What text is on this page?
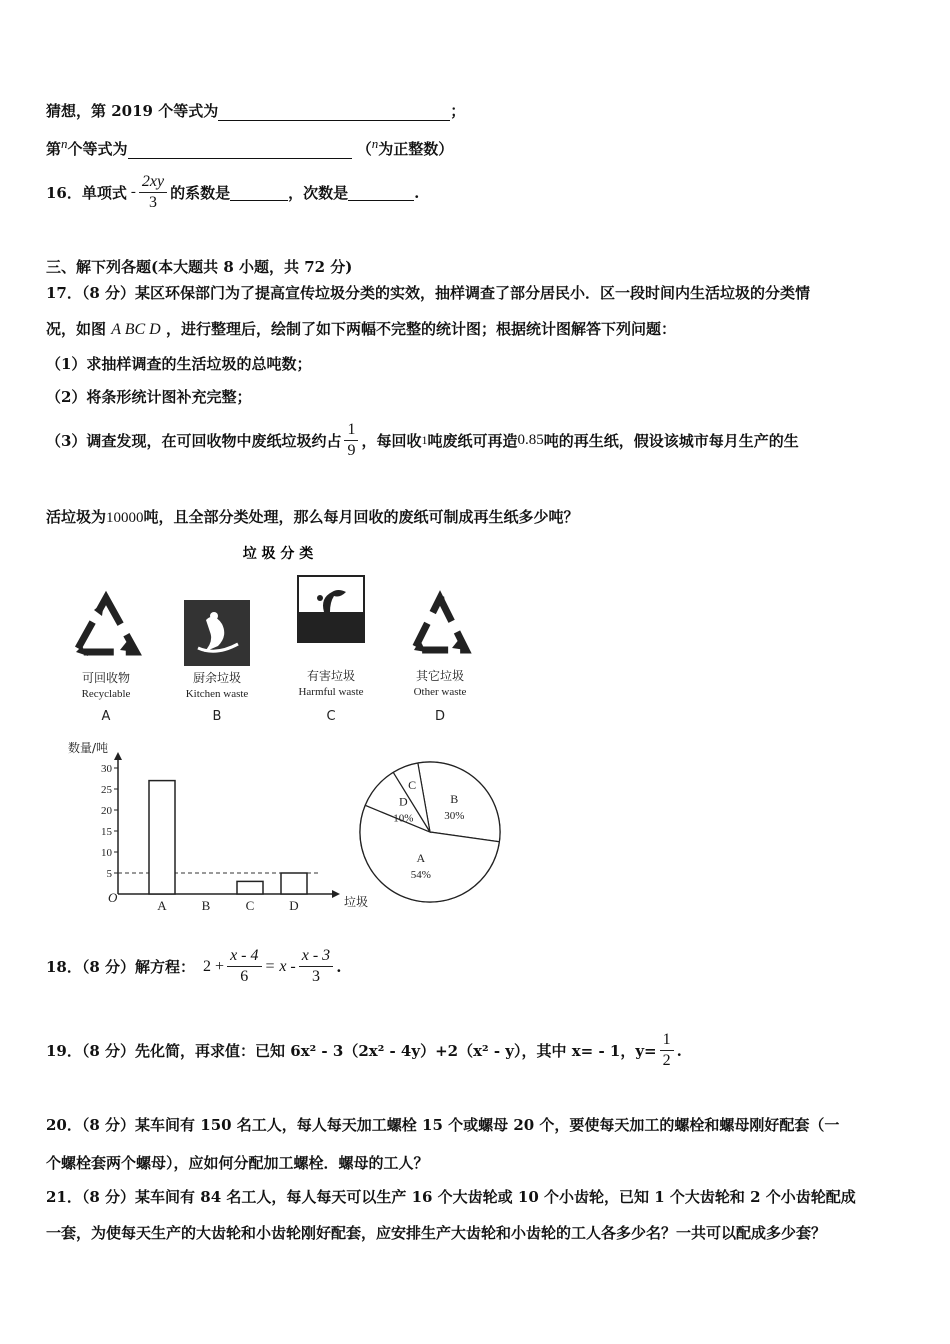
猜想，第 2019 个等式为	；
第n个等式为	（n为正整数）
16．单项式 - $\frac{2xy}{3}$ 的系数是	，次数是	.
三、解下列各题(本大题共 8 小题，共 72 分)
17．（8 分）某区环保部门为了提高宣传垃圾分类的实效，抽样调查了部分居民小．区一段时间内生活垃圾的分类情
况，如图 A BC D ，进行整理后，绘制了如下两幅不完整的统计图；根据统计图解答下列问题：
（1）求抽样调查的生活垃圾的总吨数；
（2）将条形统计图补充完整；
（3）调查发现，在可回收物中废纸垃圾约占 $\frac{1}{9}$ ，每回收 1 吨废纸可再造 0.85 吨的再生纸，假设该城市每月生产的生
活垃圾为10000吨，且全部分类处理，那么每月回收的废纸可制成再生纸多少吨？
垃 圾 分 类
可回收物
Recyclable
A
厨余垃圾
Kitchen waste
B
有害垃圾
Harmful waste
C
其它垃圾
Other waste
D
数量/吨
垃圾
O
5
10
15
20
25
30
A	B	C	D
B
30%
A
54%
D
10%
C
18．（8 分）解方程： $2 + \frac{x - 4}{6} = x - \frac{x - 3}{3}$ .
19．（8 分）先化简，再求值：已知 6x² - 3（2x² - 4y）+2（x² - y），其中 x= - 1，$y= \frac{1}{2}$ .
20．（8 分）某车间有 150 名工人，每人每天加工螺栓 15 个或螺母 20 个，要使每天加工的螺栓和螺母刚好配套（一
个螺栓套两个螺母），应如何分配加工螺栓．螺母的工人？
21．（8 分）某车间有 84 名工人，每人每天可以生产 16 个大齿轮或 10 个小齿轮，已知 1 个大齿轮和 2 个小齿轮配成
一套，为使每天生产的大齿轮和小齿轮刚好配套，应安排生产大齿轮和小齿轮的工人各多少名？一共可以配成多少套？
